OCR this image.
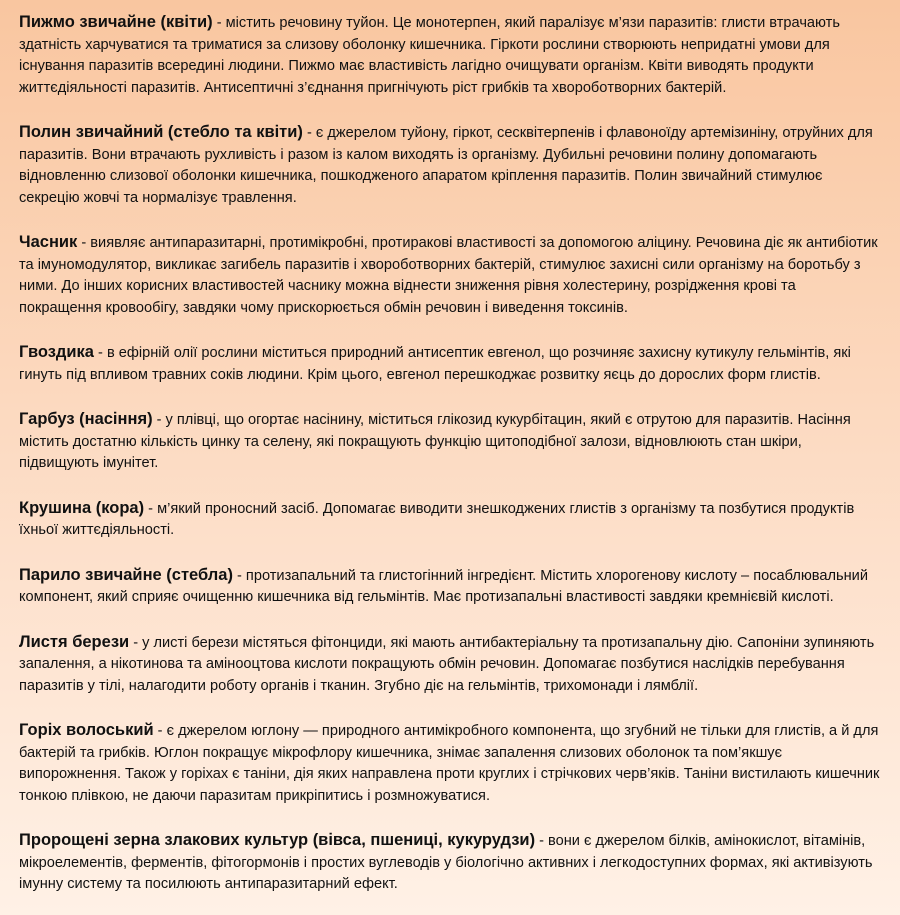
Пижмо звичайне (квіти) - містить речовину туйон. Це монотерпен, який паралізує м’язи паразитів: глисти втрачають здатність харчуватися та триматися за слизову оболонку кишечника. Гіркоти рослини створюють непридатні умови для існування паразитів всередині людини. Пижмо має властивість лагідно очищувати організм. Квіти виводять продукти життєдіяльності паразитів. Антисептичні з’єднання пригнічують ріст грибків та хворобoтворних бактерій.

Полин звичайний (стебло та квіти) - є джерелом туйону, гіркот, сесквітерпенів і флавоноїду артемізиніну, отруйних для паразитів. Вони втрачають рухливість і разом із калом виходять із організму. Дубильні речовини полину допомагають відновленню слизової оболонки кишечника, пошкодженого апаратом кріплення паразитів. Полин звичайний стимулює секрецію жовчі та нормалізує травлення.

Часник - виявляє антипаразитарні, протимікробні, протиракові властивості за допомогою аліцину. Речовина діє як антибіотик та імуномодулятор, викликає загибель паразитів і хвороботворних бактерій, стимулює захисні сили організму на боротьбу з ними. До інших корисних властивостей часнику можна віднести зниження рівня холестерину, розрідження крові та покращення кровообігу, завдяки чому прискорюється обмін речовин і виведення токсинів.

Гвоздика - в ефірній олії рослини міститься природний антисептик евгенол, що розчиняє захисну кутикулу гельмінтів, які гинуть під впливом травних соків людини. Крім цього, евгенол перешкоджає розвитку яєць до дорослих форм глистів.

Гарбуз (насіння) - у плівці, що огортає насінину, міститься глікозид кукурбітацин, який є отрутою для паразитів. Насіння містить достатню кількість цинку та селену, які покращують функцію щитоподібної залози, відновлюють стан шкіри, підвищують імунітет.

Крушина (кора) - м’який проносний засіб. Допомагає виводити знешкоджених глистів з організму та позбутися продуктів їхньої життєдіяльності.

Парило звичайне (стебла) - протизапальний та глистогінний інгредієнт. Містить хлорогенову кислоту – посаблювальний компонент, який сприяє очищенню кишечника від гельмінтів. Має протизапальні властивості завдяки кремнієвій кислоті.

Листя берези - у листі берези містяться фітонциди, які мають антибактеріальну та протизапальну дію. Сапоніни зупиняють запалення, а нікотинова та аміноoцтова кислоти покращують обмін речовин. Допомагає позбутися наслідків перебування паразитів у тілі, налагодити роботу органів і тканин. Згубно діє на гельмінтів, трихомонади і лямблії.

Горіх волоський - є джерелом юглону — природного антимікробного компонента, що згубний не тільки для глистів, а й для бактерій та грибків. Юглон покращує мікрофлору кишечника, знімає запалення слизових оболонок та пом’якшує випорожнення. Також у горіхах є таніни, дія яких направлена проти круглих і стрічкових черв’яків. Таніни вистилають кишечник тонкою плівкою, не даючи паразитам прикріпитись і розмножуватися.

Пророщені зерна злакових культур (вівса, пшениці, кукурудзи) - вони є джерелом білків, амінокислот, вітамінів, мікроелементів, ферментів, фітогормонів і простих вуглеводів у біологічно активних і легкодоступних формах, які активізують імунну систему та посилюють антипаразитарний ефект.
